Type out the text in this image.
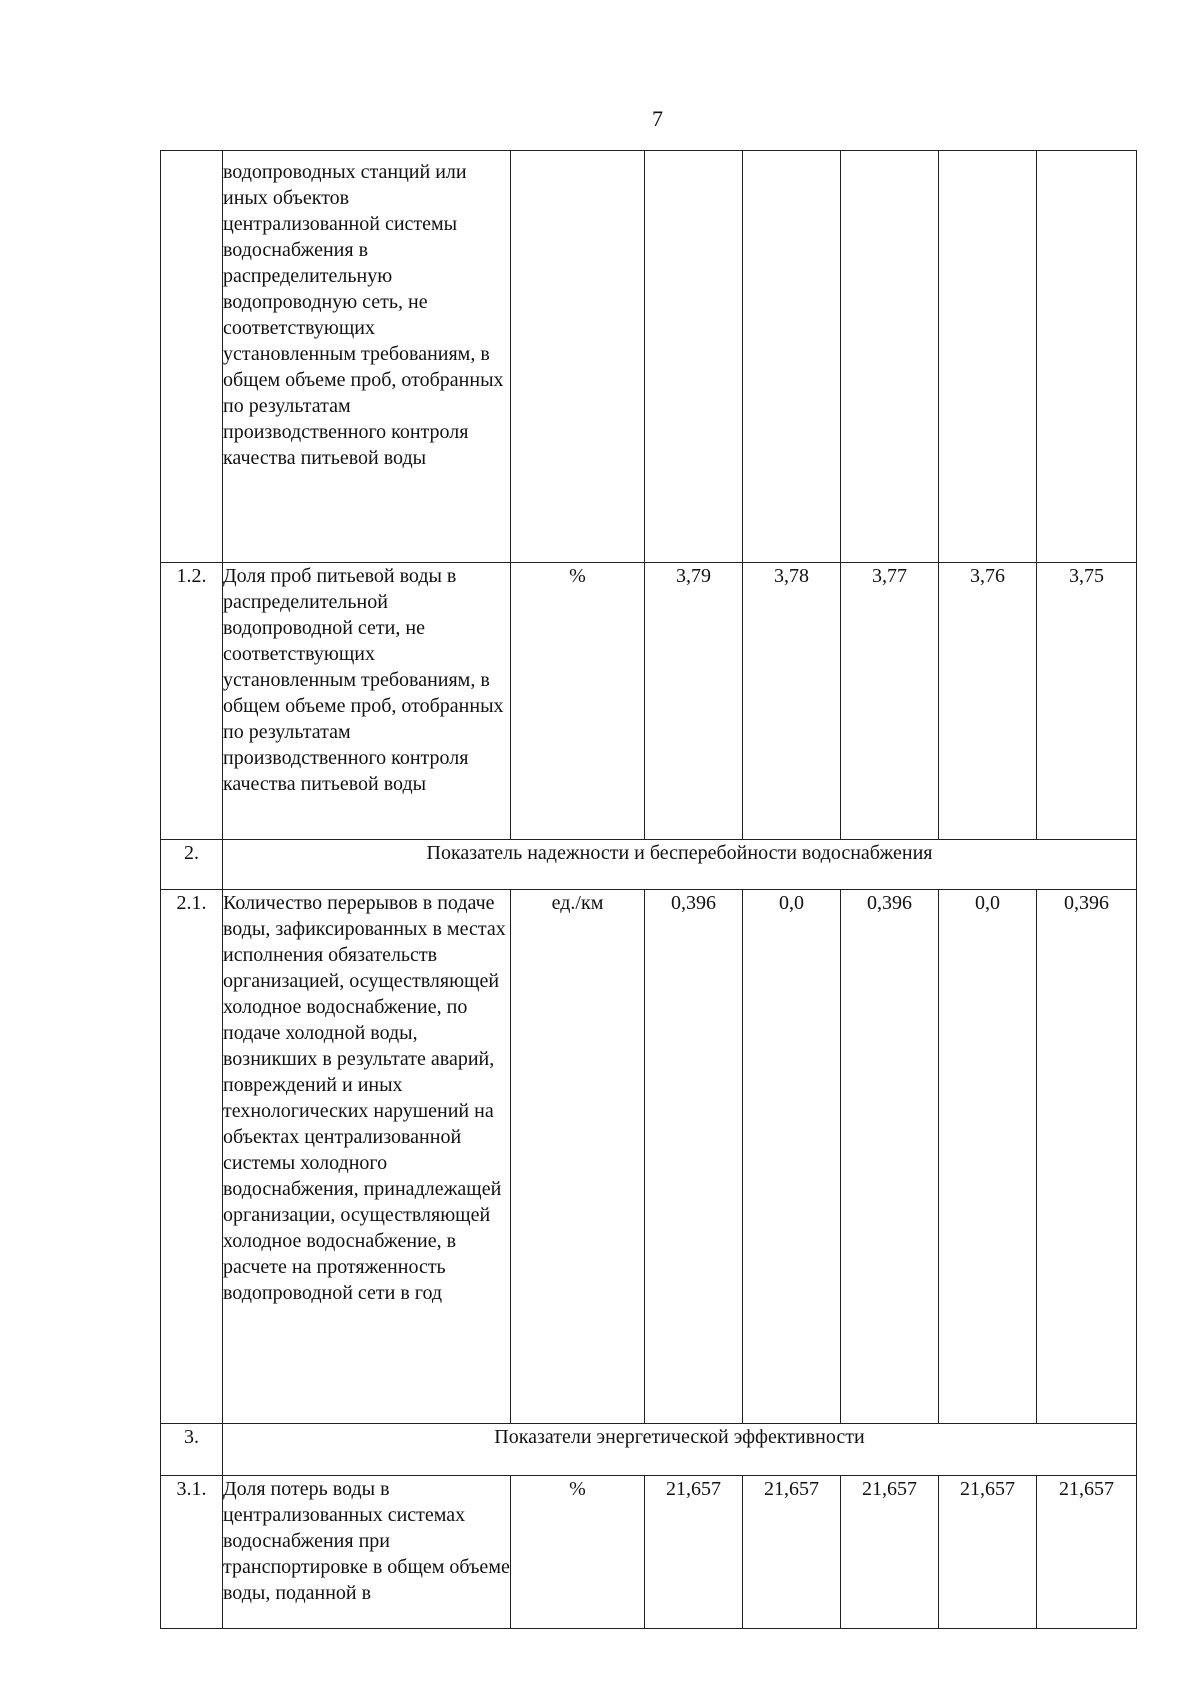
7
	водопроводных станций или иных объектов централизованной системы водоснабжения в распределительную водопроводную сеть, не соответствующих установленным требованиям, в общем объеме проб, отобранных по результатам производственного контроля качества питьевой воды						
1.2.	Доля проб питьевой воды в распределительной водопроводной сети, не соответствующих установленным требованиям, в общем объеме проб, отобранных по результатам производственного контроля качества питьевой воды	%	3,79	3,78	3,77	3,76	3,75
2.	Показатель надежности и бесперебойности водоснабжения						
2.1.	Количество перерывов в подаче воды, зафиксированных в местах исполнения обязательств организацией, осуществляющей холодное водоснабжение, по подаче холодной воды, возникших в результате аварий, повреждений и иных технологических нарушений на объектах централизованной системы холодного водоснабжения, принадлежащей организации, осуществляющей холодное водоснабжение, в расчете на протяженность водопроводной сети в год	ед./км	0,396	0,0	0,396	0,0	0,396
3.	Показатели энергетической эффективности						
3.1.	Доля потерь воды в централизованных системах водоснабжения при транспортировке в общем объеме воды, поданной в	%	21,657	21,657	21,657	21,657	21,657
